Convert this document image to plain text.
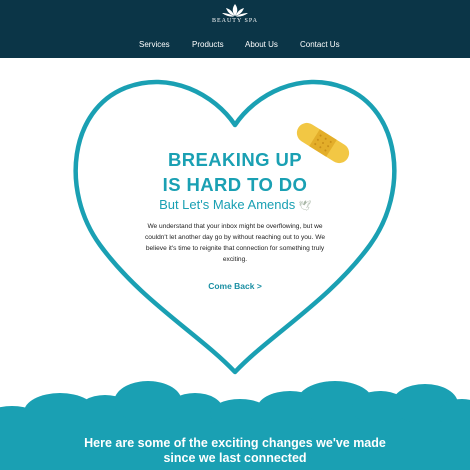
BEAUTY SPA
Services	Products	About Us	Contact Us
BREAKING UP
IS HARD TO DO
But Let's Make Amends 🕊
We understand that your inbox might be overflowing, but we couldn't let another day go by without reaching out to you. We believe it's time to reignite that connection for something truly exciting.
Come Back >
Here are some of the exciting changes we've made since we last connected
